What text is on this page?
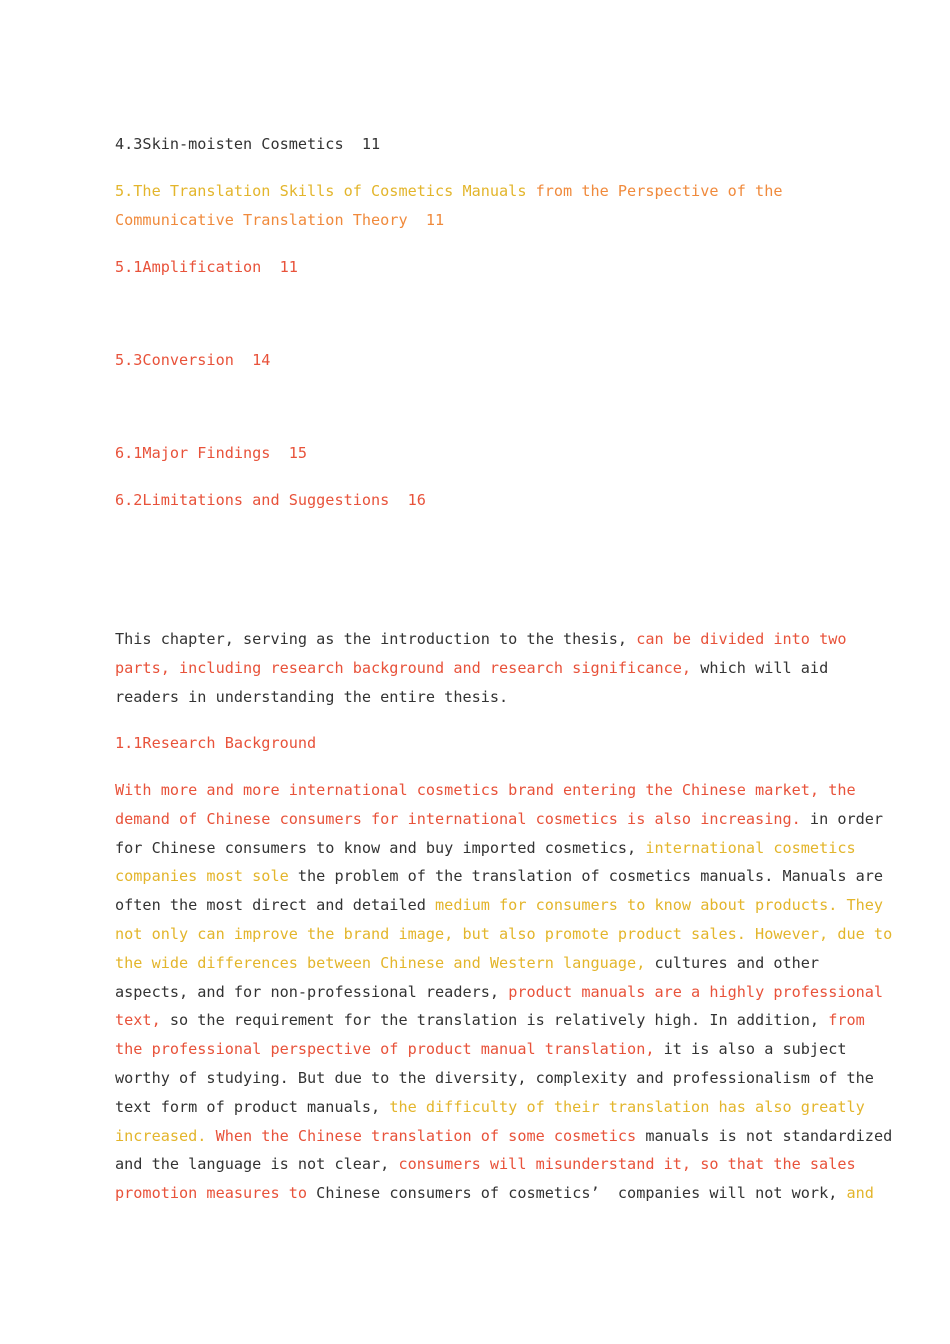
4.3Skin-moisten Cosmetics  11
5.The Translation Skills of Cosmetics Manuals from the Perspective of the
Communicative Translation Theory  11
5.1Amplification  11
5.3Conversion  14
6.1Major Findings  15
6.2Limitations and Suggestions  16
This chapter, serving as the introduction to the thesis, can be divided into two
parts, including research background and research significance, which will aid
readers in understanding the entire thesis.
1.1Research Background
With more and more international cosmetics brand entering the Chinese market, the
demand of Chinese consumers for international cosmetics is also increasing. in order
for Chinese consumers to know and buy imported cosmetics, international cosmetics
companies most sole the problem of the translation of cosmetics manuals. Manuals are
often the most direct and detailed medium for consumers to know about products. They
not only can improve the brand image, but also promote product sales. However, due to
the wide differences between Chinese and Western language, cultures and other
aspects, and for non-professional readers, product manuals are a highly professional
text, so the requirement for the translation is relatively high. In addition, from
the professional perspective of product manual translation, it is also a subject
worthy of studying. But due to the diversity, complexity and professionalism of the
text form of product manuals, the difficulty of their translation has also greatly
increased. When the Chinese translation of some cosmetics manuals is not standardized
and the language is not clear, consumers will misunderstand it, so that the sales
promotion measures to Chinese consumers of cosmetics’  companies will not work, and
